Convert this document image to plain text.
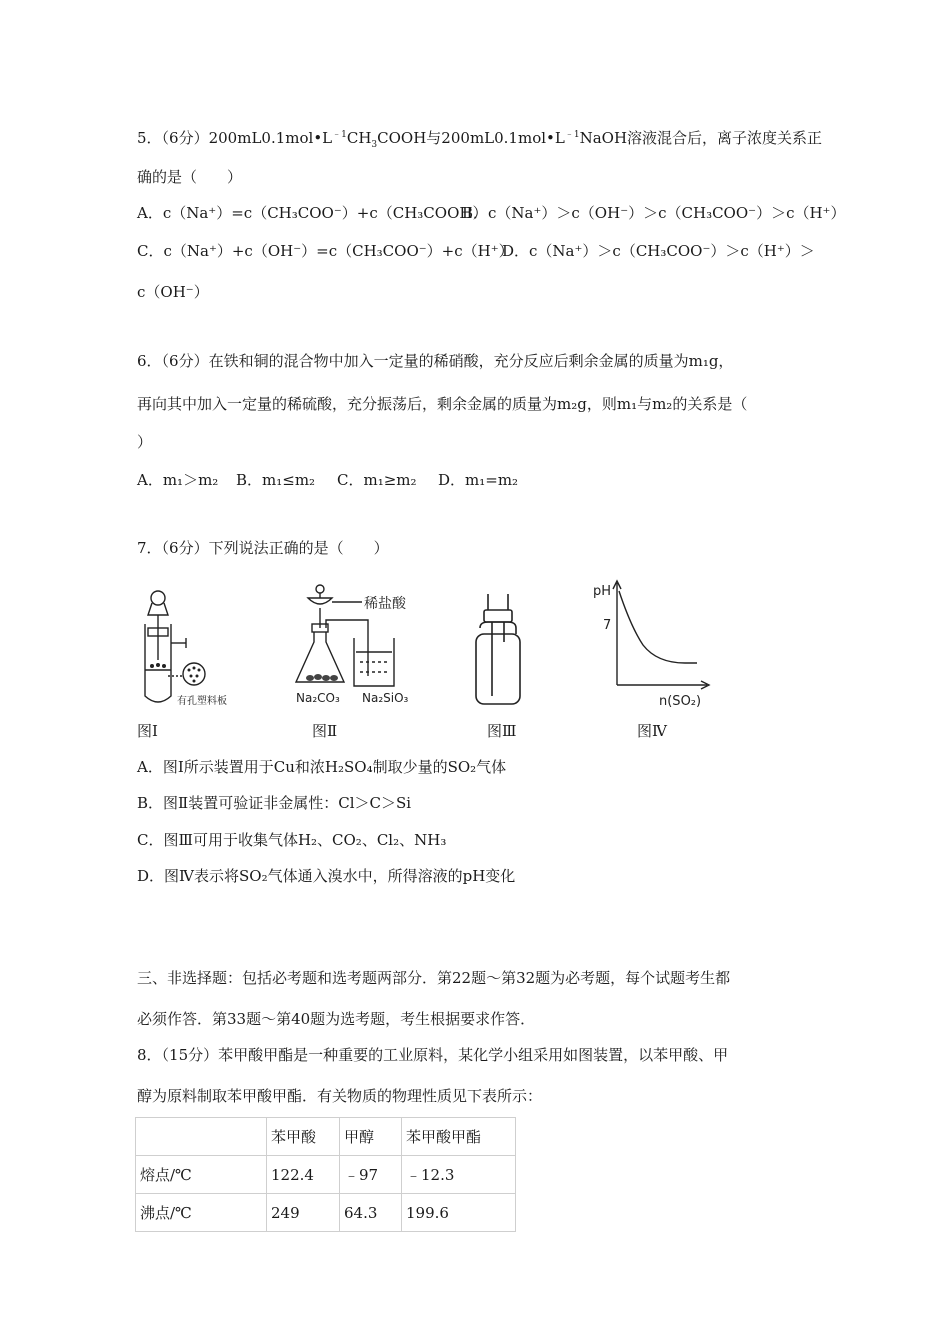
5．（6分）$200mL0.1mol•L^{﹣1}CH_3COOH$与$200mL0.1mol•L^{﹣1}NaOH$溶液混合后，离子浓度关系正
确的是（　　）
A．c（Na⁺）=c（CH₃COO⁻）+c（CH₃COOH）
B．c（Na⁺）＞c（OH⁻）＞c（CH₃COO⁻）＞c（H⁺）
C．c（Na⁺）+c（OH⁻）=c（CH₃COO⁻）+c（H⁺）
D．c（Na⁺）＞c（CH₃COO⁻）＞c（H⁺）＞
c（OH⁻）
6．（6分）在铁和铜的混合物中加入一定量的稀硝酸，充分反应后剩余金属的质量为m₁g，
再向其中加入一定量的稀硫酸，充分振荡后，剩余金属的质量为m₂g，则m₁与m₂的关系是（
）
A．m₁＞m₂ B．m₁≤m₂ C．m₁≥m₂ D．m₁=m₂
7．（6分）下列说法正确的是（　　）
有孔塑料板
稀盐酸
Na₂CO₃ Na₂SiO₃
pH
7
n(SO₂)
图Ⅰ	图Ⅱ	图Ⅲ	图Ⅳ
A．图Ⅰ所示装置用于Cu和浓H₂SO₄制取少量的SO₂气体
B．图Ⅱ装置可验证非金属性：Cl＞C＞Si
C．图Ⅲ可用于收集气体H₂、CO₂、Cl₂、NH₃
D．图Ⅳ表示将SO₂气体通入溴水中，所得溶液的pH变化
三、非选择题：包括必考题和选考题两部分．第22题～第32题为必考题，每个试题考生都
必须作答．第33题～第40题为选考题，考生根据要求作答．
8．（15分）苯甲酸甲酯是一种重要的工业原料，某化学小组采用如图装置，以苯甲酸、甲
醇为原料制取苯甲酸甲酯．有关物质的物理性质见下表所示：
	苯甲酸	甲醇	苯甲酸甲酯
熔点/℃	122.4	﹣97	﹣12.3
沸点/℃	249	64.3	199.6
